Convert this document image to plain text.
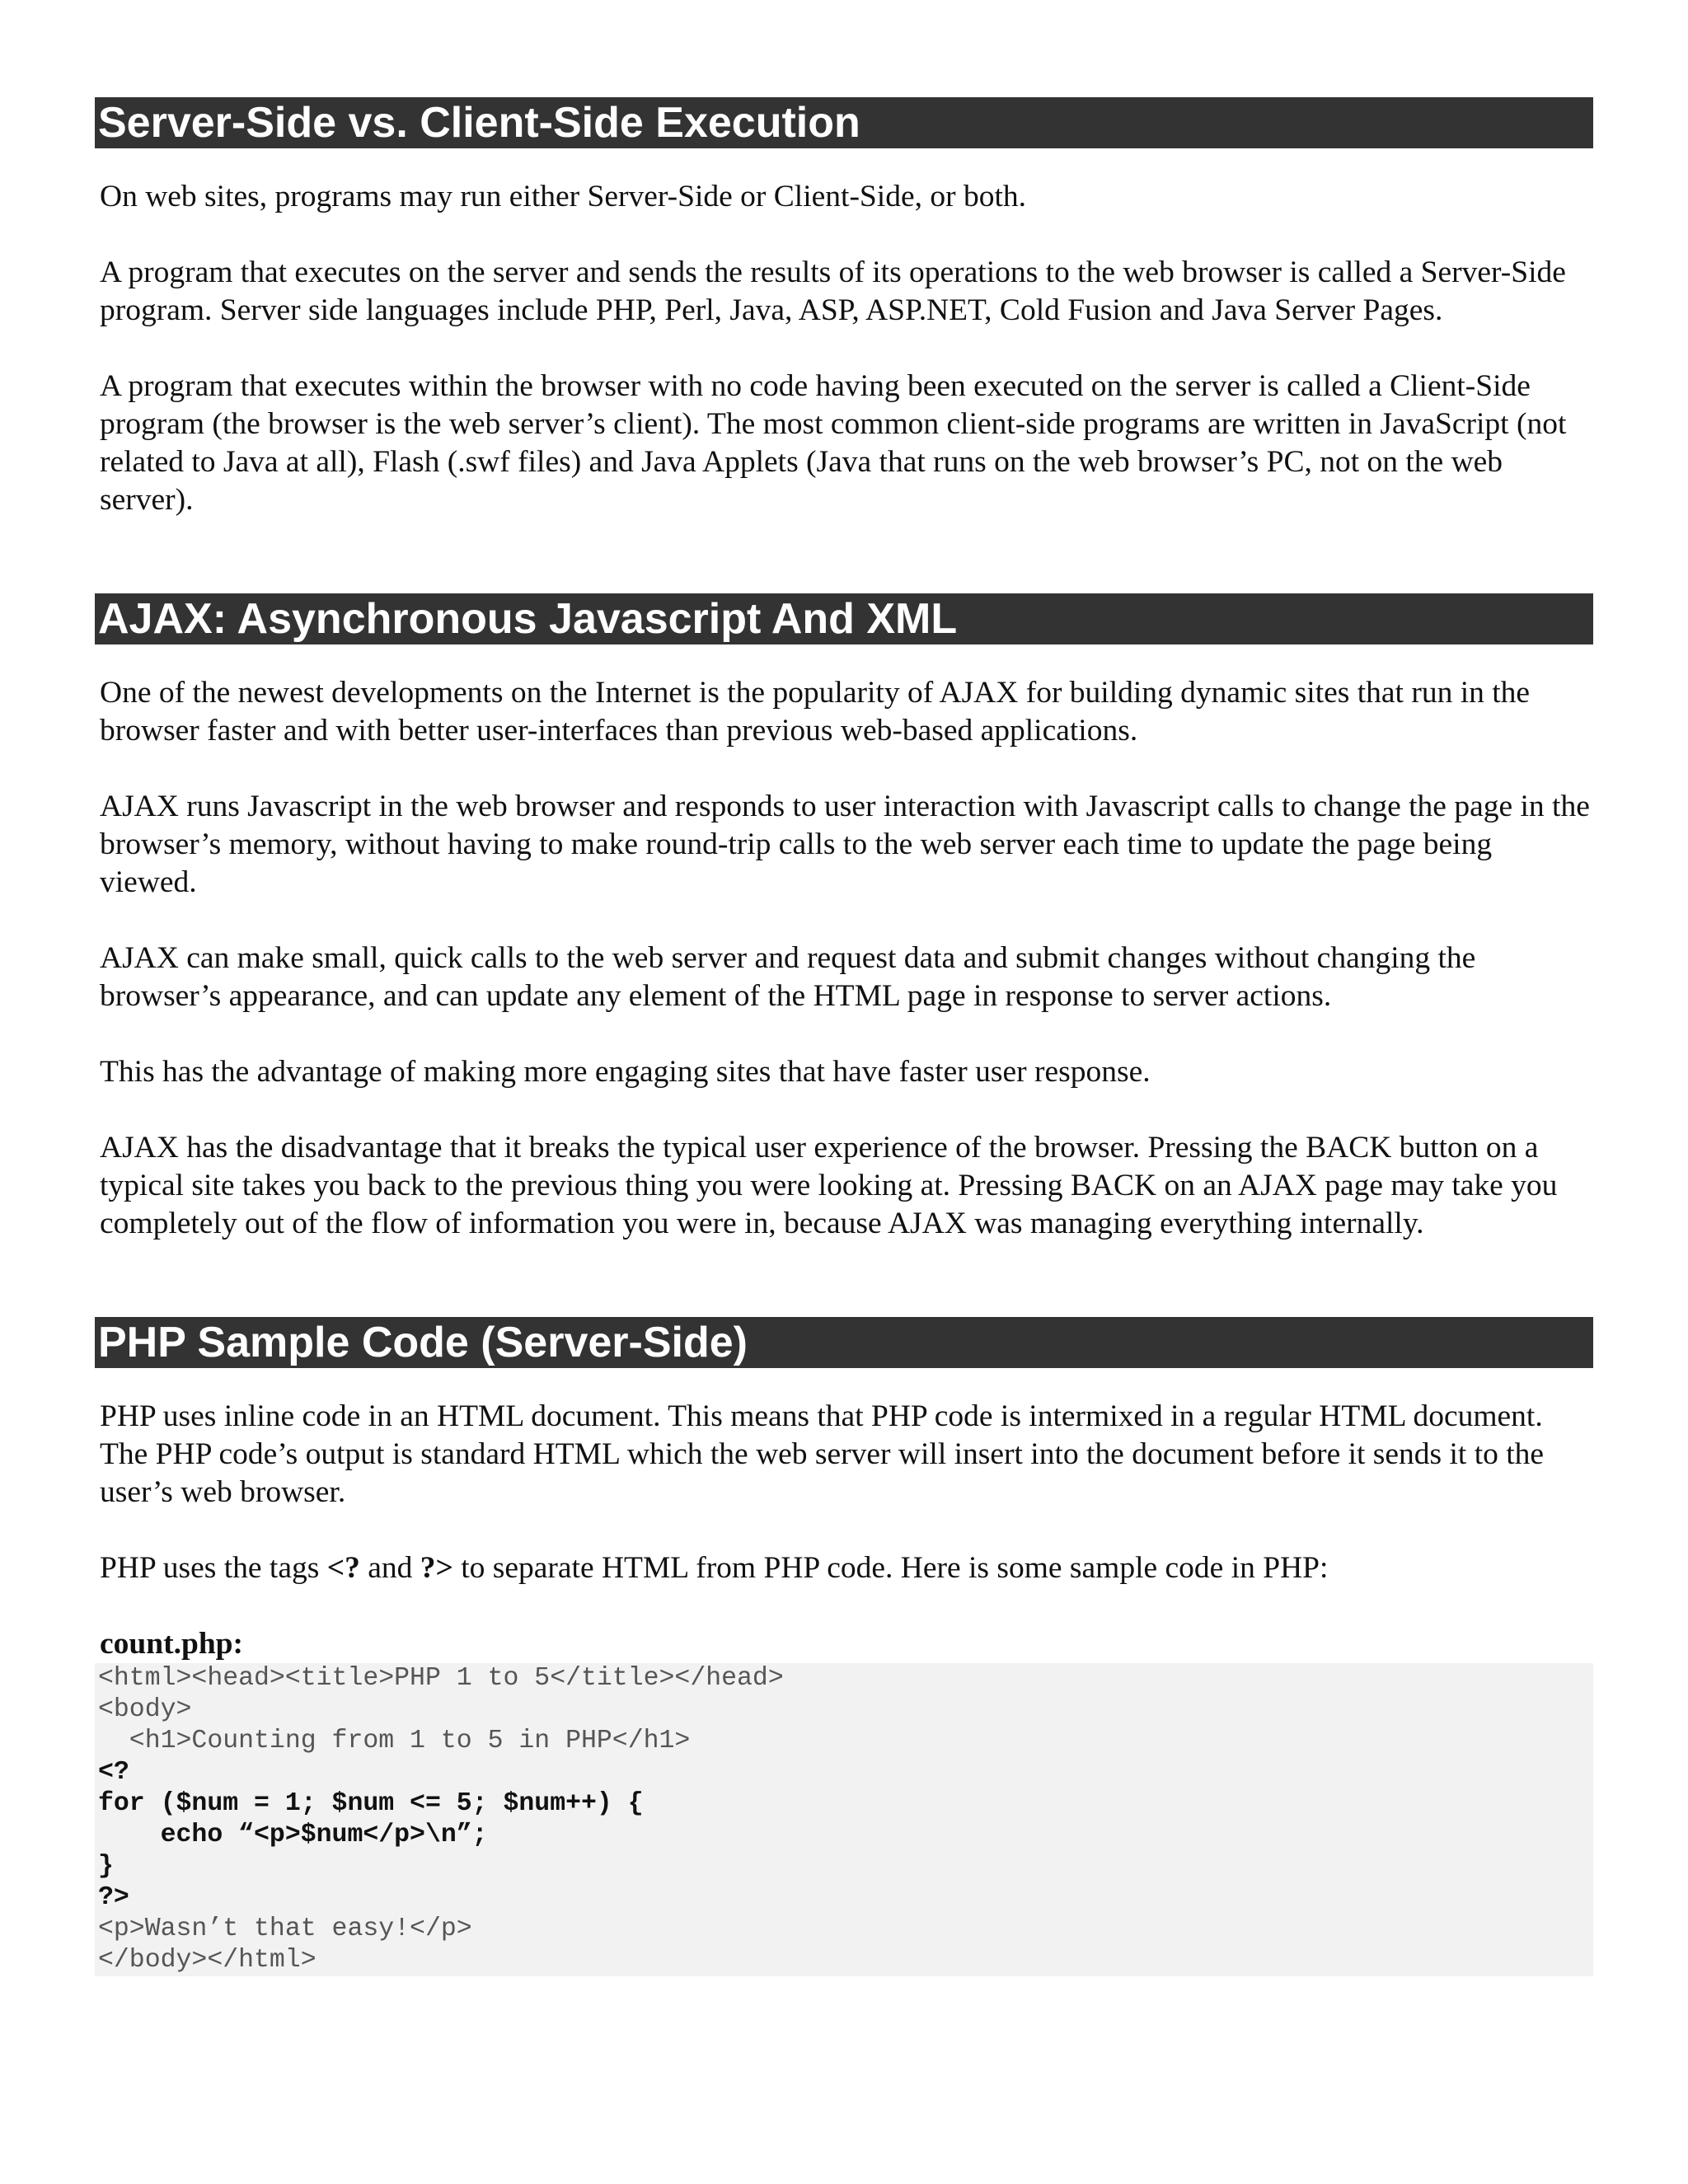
Server-Side vs. Client-Side Execution

On web sites, programs may run either Server-Side or Client-Side, or both.

A program that executes on the server and sends the results of its operations to the web browser is called a Server-Side program. Server side languages include PHP, Perl, Java, ASP, ASP.NET, Cold Fusion and Java Server Pages.

A program that executes within the browser with no code having been executed on the server is called a Client-Side program (the browser is the web server’s client). The most common client-side programs are written in JavaScript (not related to Java at all), Flash (.swf files) and Java Applets (Java that runs on the web browser’s PC, not on the web server).

AJAX: Asynchronous Javascript And XML

One of the newest developments on the Internet is the popularity of AJAX for building dynamic sites that run in the browser faster and with better user-interfaces than previous web-based applications.

AJAX runs Javascript in the web browser and responds to user interaction with Javascript calls to change the page in the browser’s memory, without having to make round-trip calls to the web server each time to update the page being viewed.

AJAX can make small, quick calls to the web server and request data and submit changes without changing the browser’s appearance, and can update any element of the HTML page in response to server actions.

This has the advantage of making more engaging sites that have faster user response.

AJAX has the disadvantage that it breaks the typical user experience of the browser. Pressing the BACK button on a typical site takes you back to the previous thing you were looking at. Pressing BACK on an AJAX page may take you completely out of the flow of information you were in, because AJAX was managing everything internally.

PHP Sample Code (Server-Side)

PHP uses inline code in an HTML document. This means that PHP code is intermixed in a regular HTML document. The PHP code’s output is standard HTML which the web server will insert into the document before it sends it to the user’s web browser.

PHP uses the tags <? and ?> to separate HTML from PHP code. Here is some sample code in PHP:

count.php:
<html><head><title>PHP 1 to 5</title></head>
<body>
<h1>Counting from 1 to 5 in PHP</h1>
<?
for ($num = 1; $num <= 5; $num++) {
echo “<p>$num</p>\n”;
}
?>
<p>Wasn’t that easy!</p>
</body></html>
